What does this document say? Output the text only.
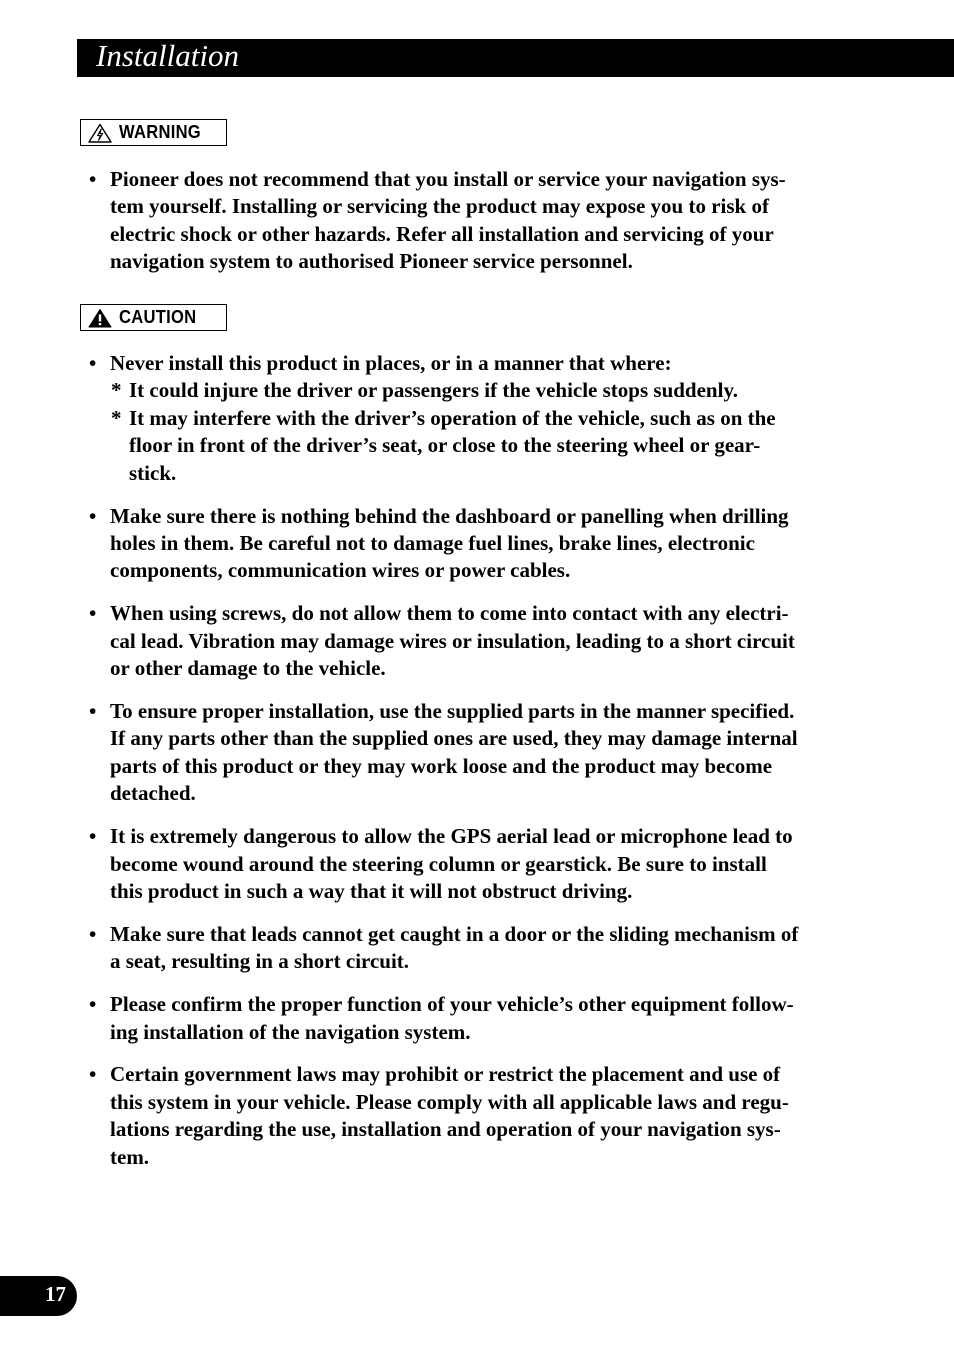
Installation
WARNING
• Pioneer does not recommend that you install or service your navigation sys-
tem yourself. Installing or servicing the product may expose you to risk of
electric shock or other hazards. Refer all installation and servicing of your
navigation system to authorised Pioneer service personnel.
CAUTION
• Never install this product in places, or in a manner that where:
* It could injure the driver or passengers if the vehicle stops suddenly.
* It may interfere with the driver’s operation of the vehicle, such as on the
floor in front of the driver’s seat, or close to the steering wheel or gear-
stick.
• Make sure there is nothing behind the dashboard or panelling when drilling
holes in them. Be careful not to damage fuel lines, brake lines, electronic
components, communication wires or power cables.
• When using screws, do not allow them to come into contact with any electri-
cal lead. Vibration may damage wires or insulation, leading to a short circuit
or other damage to the vehicle.
• To ensure proper installation, use the supplied parts in the manner specified.
If any parts other than the supplied ones are used, they may damage internal
parts of this product or they may work loose and the product may become
detached.
• It is extremely dangerous to allow the GPS aerial lead or microphone lead to
become wound around the steering column or gearstick. Be sure to install
this product in such a way that it will not obstruct driving.
• Make sure that leads cannot get caught in a door or the sliding mechanism of
a seat, resulting in a short circuit.
• Please confirm the proper function of your vehicle’s other equipment follow-
ing installation of the navigation system.
• Certain government laws may prohibit or restrict the placement and use of
this system in your vehicle. Please comply with all applicable laws and regu-
lations regarding the use, installation and operation of your navigation sys-
tem.
17
